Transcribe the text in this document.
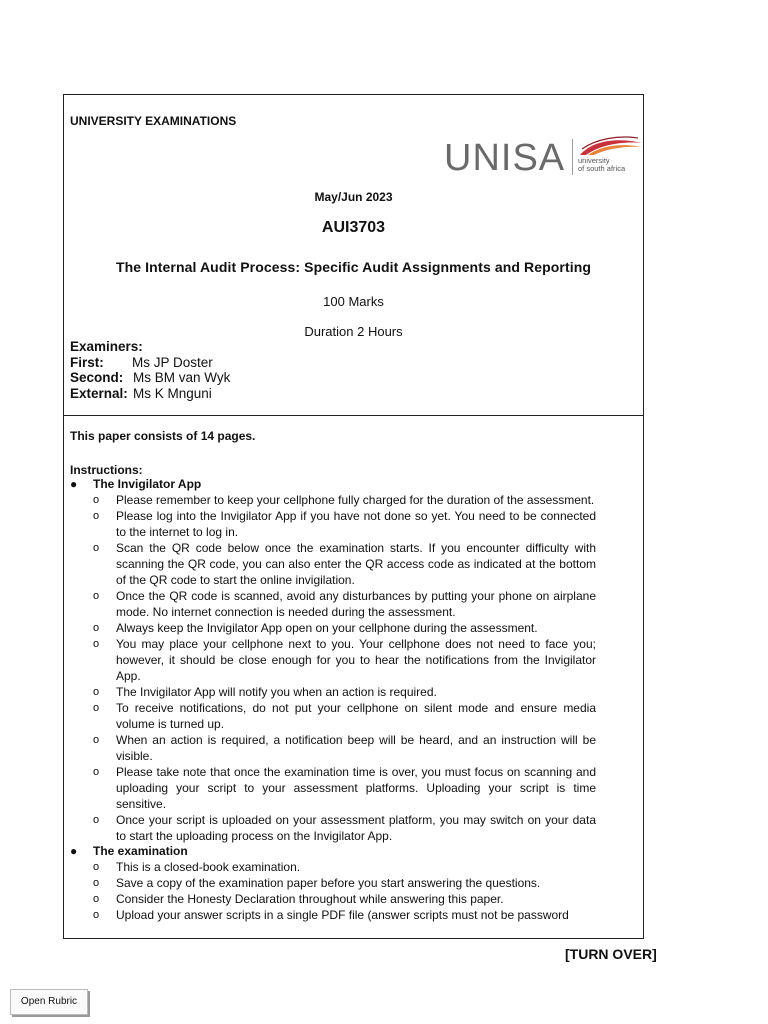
UNIVERSITY EXAMINATIONS
UNISA university
of south africa
May/Jun 2023
AUI3703
The Internal Audit Process: Specific Audit Assignments and Reporting
100 Marks
Duration 2 Hours
Examiners:
First: Ms JP Doster
Second: Ms BM van Wyk
External: Ms K Mnguni
This paper consists of 14 pages.
Instructions:
● The Invigilator App
o Please remember to keep your cellphone fully charged for the duration of the assessment.
o Please log into the Invigilator App if you have not done so yet. You need to be connected to the internet to log in.
o Scan the QR code below once the examination starts. If you encounter difficulty with scanning the QR code, you can also enter the QR access code as indicated at the bottom of the QR code to start the online invigilation.
o Once the QR code is scanned, avoid any disturbances by putting your phone on airplane mode. No internet connection is needed during the assessment.
o Always keep the Invigilator App open on your cellphone during the assessment.
o You may place your cellphone next to you. Your cellphone does not need to face you; however, it should be close enough for you to hear the notifications from the Invigilator App.
o The Invigilator App will notify you when an action is required.
o To receive notifications, do not put your cellphone on silent mode and ensure media volume is turned up.
o When an action is required, a notification beep will be heard, and an instruction will be visible.
o Please take note that once the examination time is over, you must focus on scanning and uploading your script to your assessment platforms. Uploading your script is time sensitive.
o Once your script is uploaded on your assessment platform, you may switch on your data to start the uploading process on the Invigilator App.
● The examination
o This is a closed-book examination.
o Save a copy of the examination paper before you start answering the questions.
o Consider the Honesty Declaration throughout while answering this paper.
o Upload your answer scripts in a single PDF file (answer scripts must not be password
[TURN OVER]
Open Rubric
